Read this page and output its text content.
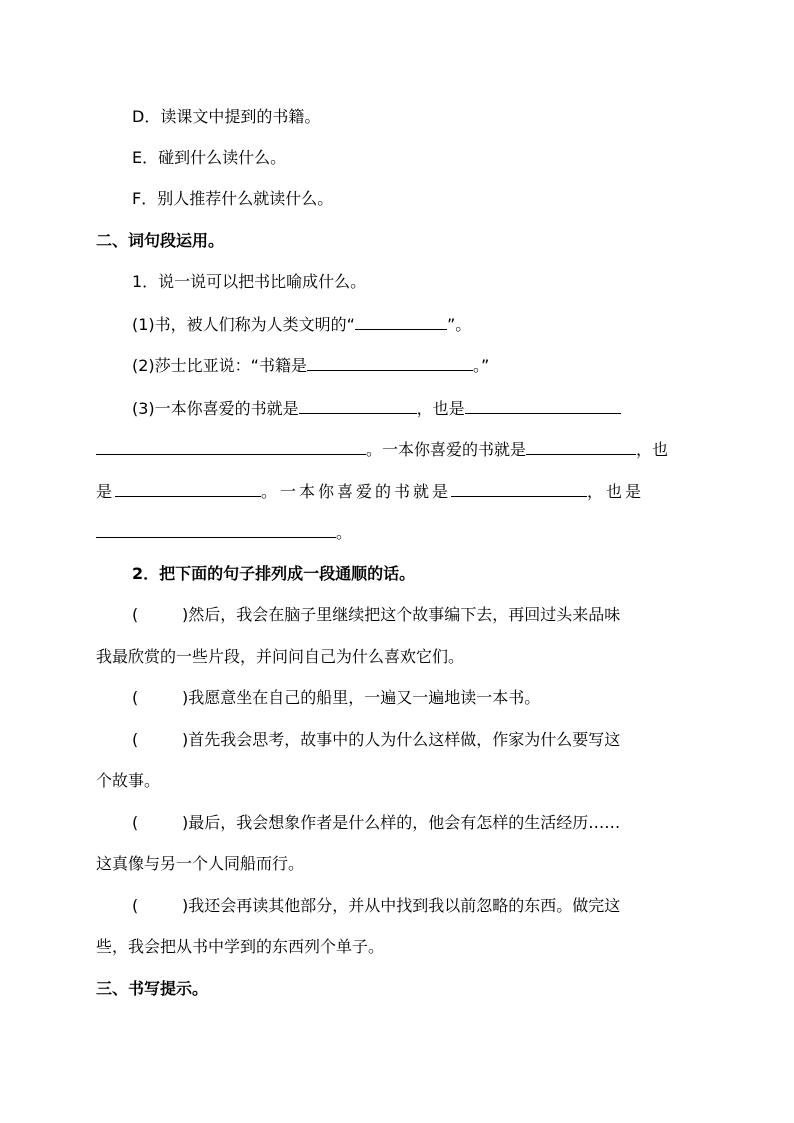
D．读课文中提到的书籍。
E．碰到什么读什么。
F．别人推荐什么就读什么。
二、词句段运用。
1．说一说可以把书比喻成什么。
(1)书，被人们称为人类文明的“	”。
(2)莎士比亚说：“书籍是	。”
(3)一本你喜爱的书就是	，也是
。一本你喜爱的书就是	，也
是	。一本你喜爱的书就是	，也是
。
2．把下面的句子排列成一段通顺的话。
(	)然后，我会在脑子里继续把这个故事编下去，再回过头来品味
我最欣赏的一些片段，并问问自己为什么喜欢它们。
(	)我愿意坐在自己的船里，一遍又一遍地读一本书。
(	)首先我会思考，故事中的人为什么这样做，作家为什么要写这
个故事。
(	)最后，我会想象作者是什么样的，他会有怎样的生活经历……
这真像与另一个人同船而行。
(	)我还会再读其他部分，并从中找到我以前忽略的东西。做完这
些，我会把从书中学到的东西列个单子。
三、书写提示。
